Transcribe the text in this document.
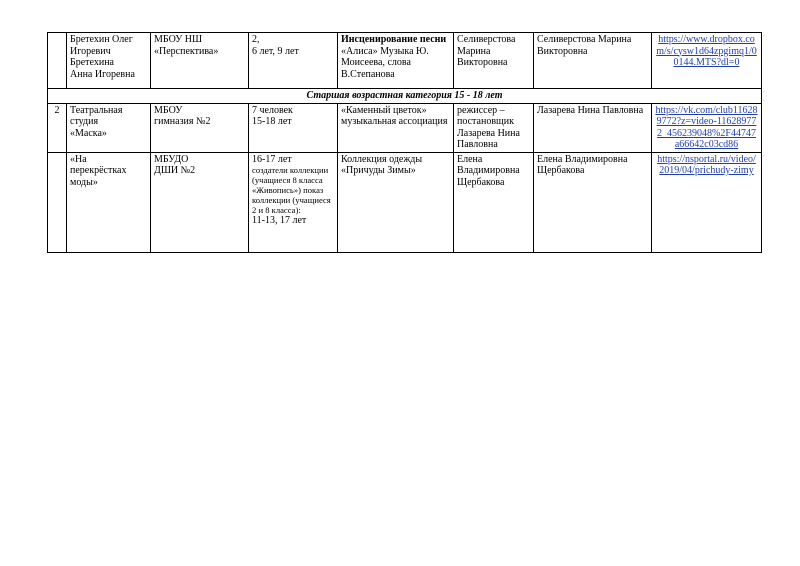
	Бретехин Олег
Игоревич
Бретехина
Анна Игоревна	МБОУ НШ
«Перспектива»	2,
6 лет, 9 лет	Инсценирование песни «Алиса» Музыка Ю. Моисеева, слова В.Степанова	Селиверстова Марина Викторовна	Селиверстова Марина Викторовна	https://www.dropbox.com/s/cysw1d64zpgimq1/00144.MTS?dl=0
Старшая возрастная категория 15 - 18 лет							
2	Театральная
студия
«Маска»	МБОУ
гимназия №2	7 человек
15-18 лет	«Каменный цветок» музыкальная ассоциация	режиссер – постановщик Лазарева Нина Павловна	Лазарева Нина Павловна	https://vk.com/club116289772?z=video-116289772_456239048%2F44747a66642c03cd86

	«На
перекрёстках
моды»	МБУДО
ДШИ №2	16-17 лет
создатели коллекции (учащиеся 8 класса «Живопись») показ коллекции (учащиеся 2 и 8 класса):
11-13, 17 лет	Коллекция одежды «Причуды Зимы»	Елена Владимировна Щербакова	Елена Владимировна Щербакова	https://nsportal.ru/video/2019/04/prichudy-zimy
